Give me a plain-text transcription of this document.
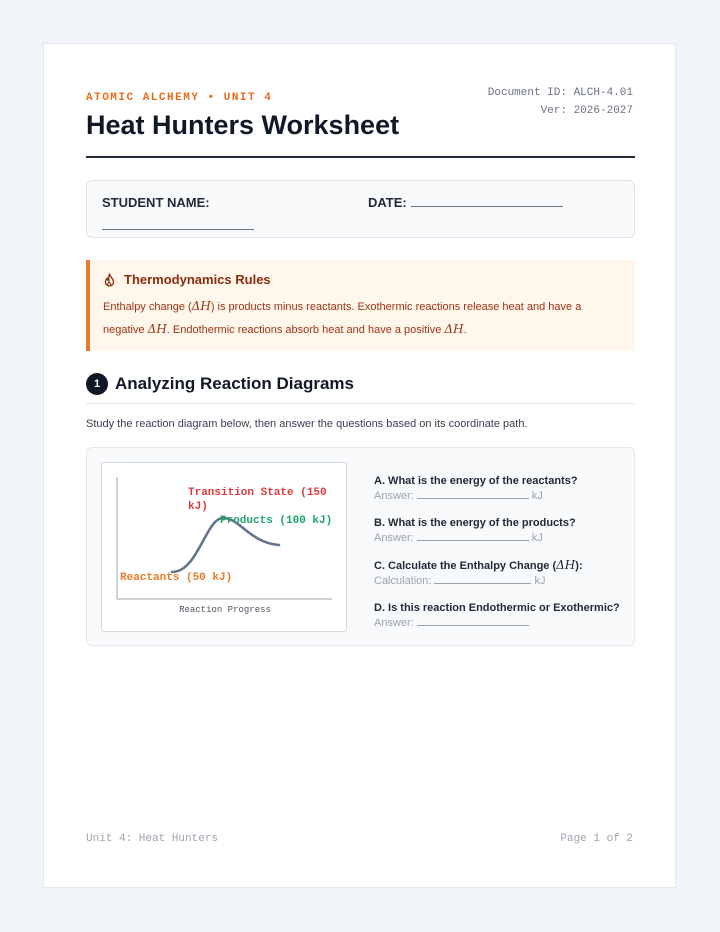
ATOMIC ALCHEMY • UNIT 4	Document ID: ALCH-4.01
Ver: 2026-2027
Heat Hunters Worksheet
STUDENT NAME:	DATE:
Thermodynamics Rules
Enthalpy change (ΔH) is products minus reactants. Exothermic reactions release heat and have a negative ΔH. Endothermic reactions absorb heat and have a positive ΔH.
1 Analyzing Reaction Diagrams
Study the reaction diagram below, then answer the questions based on its coordinate path.
Reaction Progress
Transition State (150
kJ)
Products (100 kJ)
Reactants (50 kJ)
A. What is the energy of the reactants?
Answer:	kJ
B. What is the energy of the products?
Answer:	kJ
C. Calculate the Enthalpy Change (ΔH):
Calculation:	kJ
D. Is this reaction Endothermic or Exothermic?
Answer:
Unit 4: Heat Hunters	Page 1 of 2
